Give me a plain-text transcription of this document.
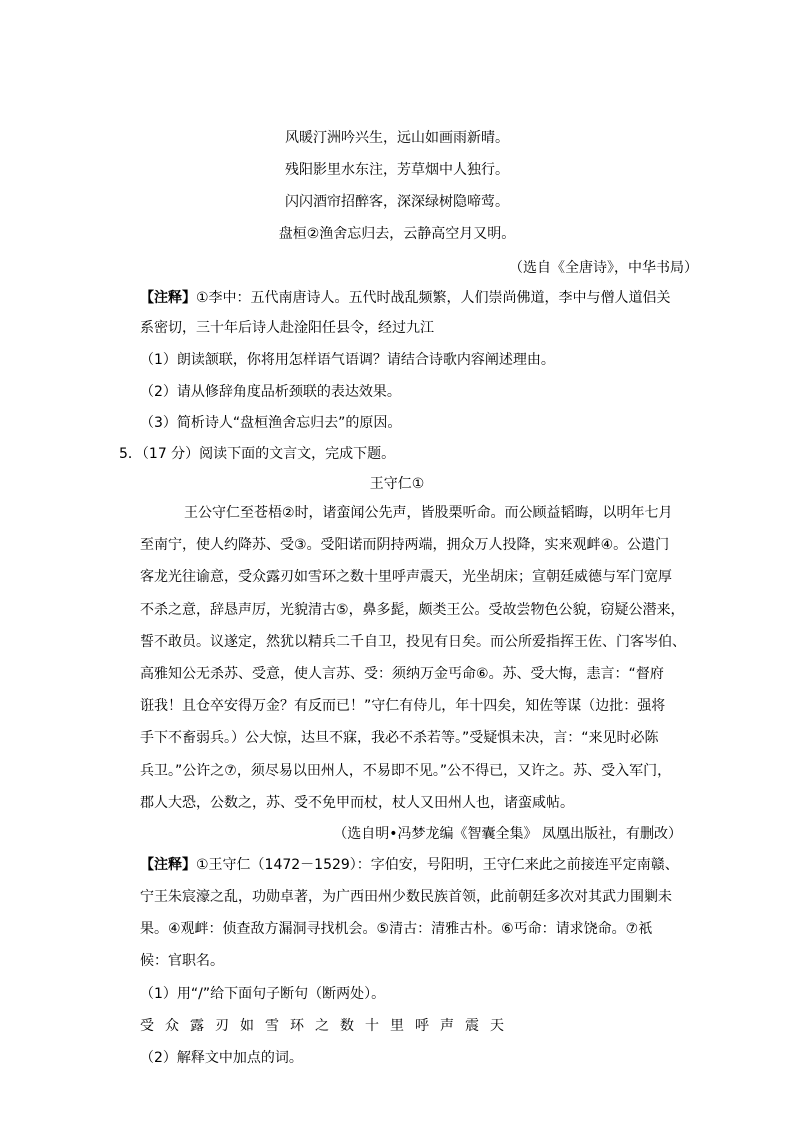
风暖汀洲吟兴生，远山如画雨新晴。
残阳影里水东注，芳草烟中人独行。
闪闪酒帘招醉客，深深绿树隐啼莺。
盘桓②渔舍忘归去，云静高空月又明。
（选自《全唐诗》，中华书局）
【注释】①李中：五代南唐诗人。五代时战乱频繁，人们崇尚佛道，李中与僧人道侣关
系密切，三十年后诗人赴淦阳任县令，经过九江
（1）朗读颔联，你将用怎样语气语调？请结合诗歌内容阐述理由。
（2）请从修辞角度品析颈联的表达效果。
（3）简析诗人“盘桓渔舍忘归去”的原因。
5．（17 分）阅读下面的文言文，完成下题。
王守仁①
王公守仁至苍梧②时，诸蛮闻公先声，皆股栗听命。而公顾益韬晦，以明年七月
至南宁，使人约降苏、受③。受阳诺而阴持两端，拥众万人投降，实来观衅④。公遣门
客龙光往谕意，受众露刃如雪环之数十里呼声震天，光坐胡床；宣朝廷威德与军门宽厚
不杀之意，辞恳声厉，光貌清古⑤，鼻多髭，颇类王公。受故尝物色公貌，窃疑公潜来，
誓不敢员。议遂定，然犹以精兵二千自卫，投见有日矣。而公所爱指挥王佐、门客岑伯、
高雅知公无杀苏、受意，使人言苏、受：须纳万金丐命⑥。苏、受大悔，恚言：“督府
诳我！且仓卒安得万金？有反而已！”守仁有侍儿，年十四矣，知佐等谋（边批：强将
手下不畜弱兵。）公大惊，达旦不寐，我必不杀若等。”受疑惧未决，言：“来见时必陈
兵卫。”公许之⑦，须尽易以田州人，不易即不见。”公不得已，又许之。苏、受入军门，
郡人大恐，公数之，苏、受不免甲而杖，杖人又田州人也，诸蛮咸帖。
（选自明•冯梦龙编《智囊全集》 凤凰出版社，有删改）
【注释】①王守仁（1472－1529）：字伯安，号阳明，王守仁来此之前接连平定南赣、
宁王朱宸濠之乱，功勋卓著，为广西田州少数民族首领，此前朝廷多次对其武力围剿未
果。④观衅：侦查敌方漏洞寻找机会。⑤清古：清雅古朴。⑥丐命：请求饶命。⑦祇
候：官职名。
（1）用“/”给下面句子断句（断两处）。
受众露刃如雪环之数十里呼声震天
（2）解释文中加点的词。
